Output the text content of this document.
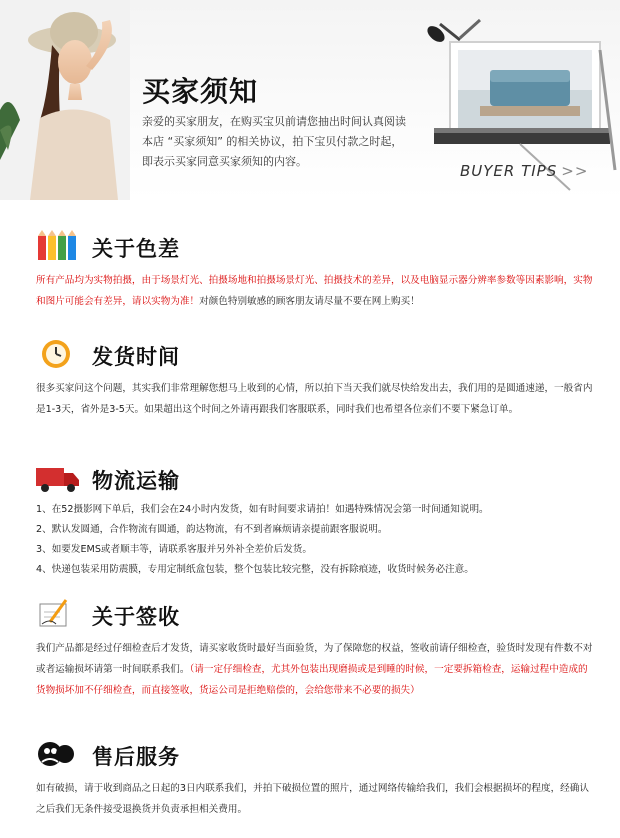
买家须知
亲爱的买家朋友，在购买宝贝前请您抽出时间认真阅读
本店 “买家须知” 的相关协议，拍下宝贝付款之时起，
即表示买家同意买家须知的内容。
BUYER TIPS >>
关于色差
所有产品均为实物拍摄，由于场景灯光、拍摄场地和拍摄场景灯光、拍摄技术的差异，以及电脑显示器分辨率参数等因素影响，实物和图片可能会有差异，请以实物为准！对颜色特别敏感的顾客朋友请尽量不要在网上购买！
发货时间
很多买家问这个问题，其实我们非常理解您想马上收到的心情，所以拍下当天我们就尽快给发出去，我们用的是圆通速递，一般省内是1-3天，省外是3-5天。如果超出这个时间之外请再跟我们客服联系，同时我们也希望各位亲们不要下紧急订单。
物流运输

1、在52摄影网下单后，我们会在24小时内发货，如有时间要求请拍！如遇特殊情况会第一时间通知说明。

2、默认发圆通，合作物流有圆通，韵达物流，有不到者麻烦请亲提前跟客服说明。

3、如要发EMS或者顺丰等，请联系客服并另外补全差价后发货。

4、快递包装采用防震膜，专用定制纸盒包装，整个包装比较完整，没有拆除痕迹，收货时候务必注意。

关于签收
我们产品都是经过仔细检查后才发货，请买家收货时最好当面验货，为了保障您的权益，签收前请仔细检查，验货时发现有件数不对或者运输损坏请第一时间联系我们。（请一定仔细检查，尤其外包装出现磨损或是到睡的时候，一定要拆箱检查，运输过程中造成的货物损坏加不仔细检查，而直接签收，货运公司是拒绝赔偿的，会给您带来不必要的损失）
售后服务
如有破损，请于收到商品之日起的3日内联系我们，并拍下破损位置的照片，通过网络传输给我们，我们会根据损坏的程度，经确认之后我们无条件接受退换货并负责承担相关费用。
